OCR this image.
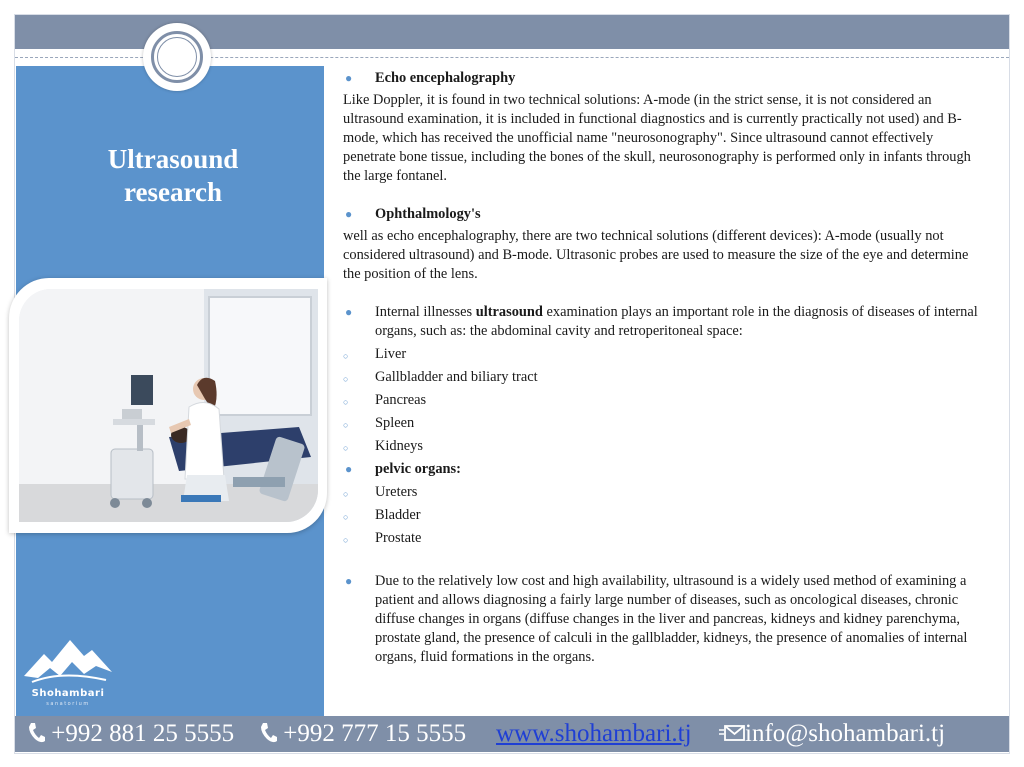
Ultrasound
research
Shohambari
sanatorium
●	Echo encephalography

Like Doppler, it is found in two technical solutions: A-mode (in the strict sense, it is not considered an ultrasound examination, it is included in functional diagnostics and is currently practically not used) and B-mode, which has received the unofficial name "neurosonography". Since ultrasound cannot effectively penetrate bone tissue, including the bones of the skull, neurosonography is performed only in infants through the large fontanel.

●	Ophthalmology's

well as echo encephalography, there are two technical solutions (different devices): A-mode (usually not considered ultrasound) and B-mode. Ultrasonic probes are used to measure the size of the eye and determine the position of the lens.

●	Internal illnesses ultrasound examination plays an important role in the diagnosis of diseases of internal organs, such as: the abdominal cavity and retroperitoneal space:
○ Liver
○ Gallbladder and biliary tract
○ Pancreas
○ Spleen
○ Kidneys
● pelvic organs:
○ Ureters
○ Bladder
○ Prostate
●	Due to the relatively low cost and high availability, ultrasound is a widely used method of examining a patient and allows diagnosing a fairly large number of diseases, such as oncological diseases, chronic diffuse changes in organs (diffuse changes in the liver and pancreas, kidneys and kidney parenchyma, prostate gland, the presence of calculi in the gallbladder, kidneys, the presence of anomalies of internal organs, fluid formations in the organs.
+992 881 25 5555	+992 777 15 5555 www.shohambari.tj	info@shohambari.tj
